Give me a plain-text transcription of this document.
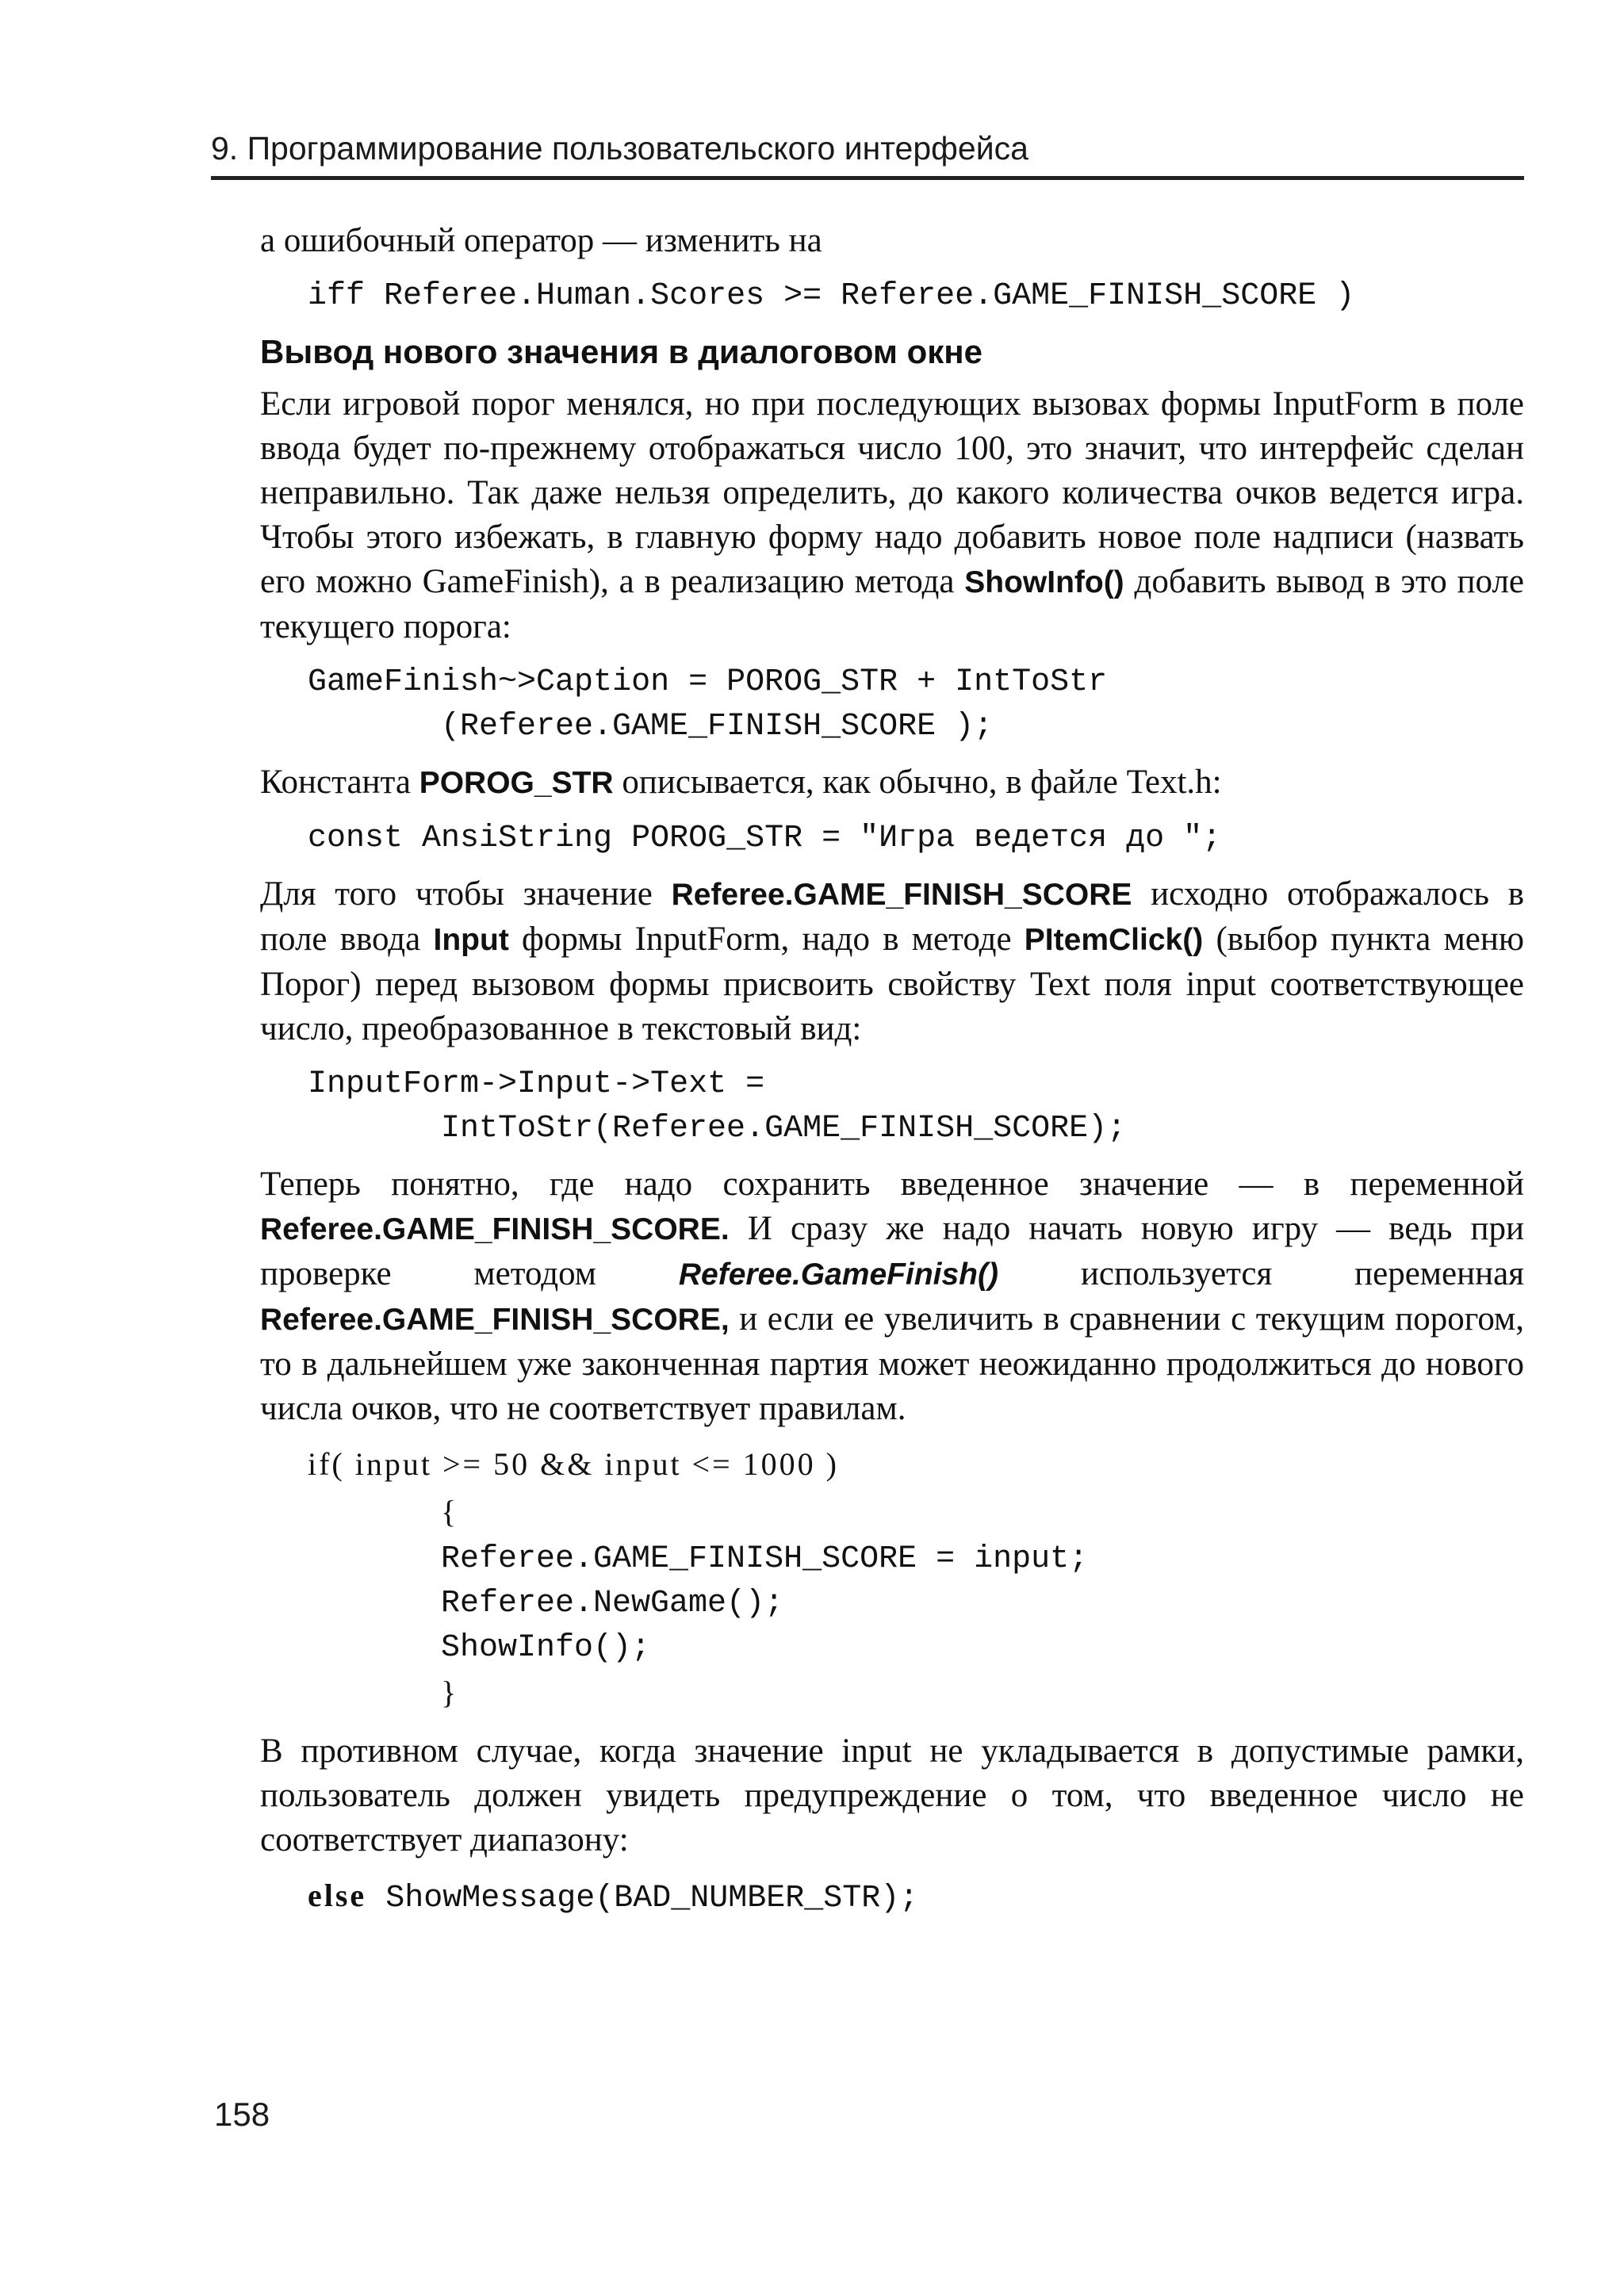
9. Программирование пользовательского интерфейса

а ошибочный оператор — изменить на

iff Referee.Human.Scores >= Referee.GAME_FINISH_SCORE )
Вывод нового значения в диалоговом окне

Если игровой порог менялся, но при последующих вызовах формы InputForm в поле ввода будет по-прежнему отображаться число 100, это значит, что интерфейс сделан неправильно. Так даже нельзя определить, до какого количества очков ведется игра. Чтобы этого избежать, в главную форму надо добавить новое поле надписи (назвать его можно GameFinish), а в реализацию метода ShowInfo() добавить вывод в это поле текущего порога:

GameFinish~>Caption = POROG_STR + IntToStr
(Referee.GAME_FINISH_SCORE );

Константа POROG_STR описывается, как обычно, в файле Text.h:

const AnsiString POROG_STR = "Игра ведется до ";

Для того чтобы значение Referee.GAME_FINISH_SCORE исходно отображалось в поле ввода Input формы InputForm, надо в методе PItemClick() (выбор пункта меню Порог) перед вызовом формы присвоить свойству Text поля input соответствующее число, преобразованное в текстовый вид:

InputForm->Input->Text =
IntToStr(Referee.GAME_FINISH_SCORE);

Теперь понятно, где надо сохранить введенное значение — в переменной Referee.GAME_FINISH_SCORE. И сразу же надо начать новую игру — ведь при проверке методом Referee.GameFinish() используется переменная Referee.GAME_FINISH_SCORE, и если ее увеличить в сравнении с текущим порогом, то в дальнейшем уже законченная партия может неожиданно продолжиться до нового числа очков, что не соответствует правилам.

if( input >= 50 && input <= 1000 )
{
Referee.GAME_FINISH_SCORE = input;
Referee.NewGame();
ShowInfo();
}

В противном случае, когда значение input не укладывается в допустимые рамки, пользователь должен увидеть предупреждение о том, что введенное число не соответствует диапазону:

else ShowMessage(BAD_NUMBER_STR);
158
